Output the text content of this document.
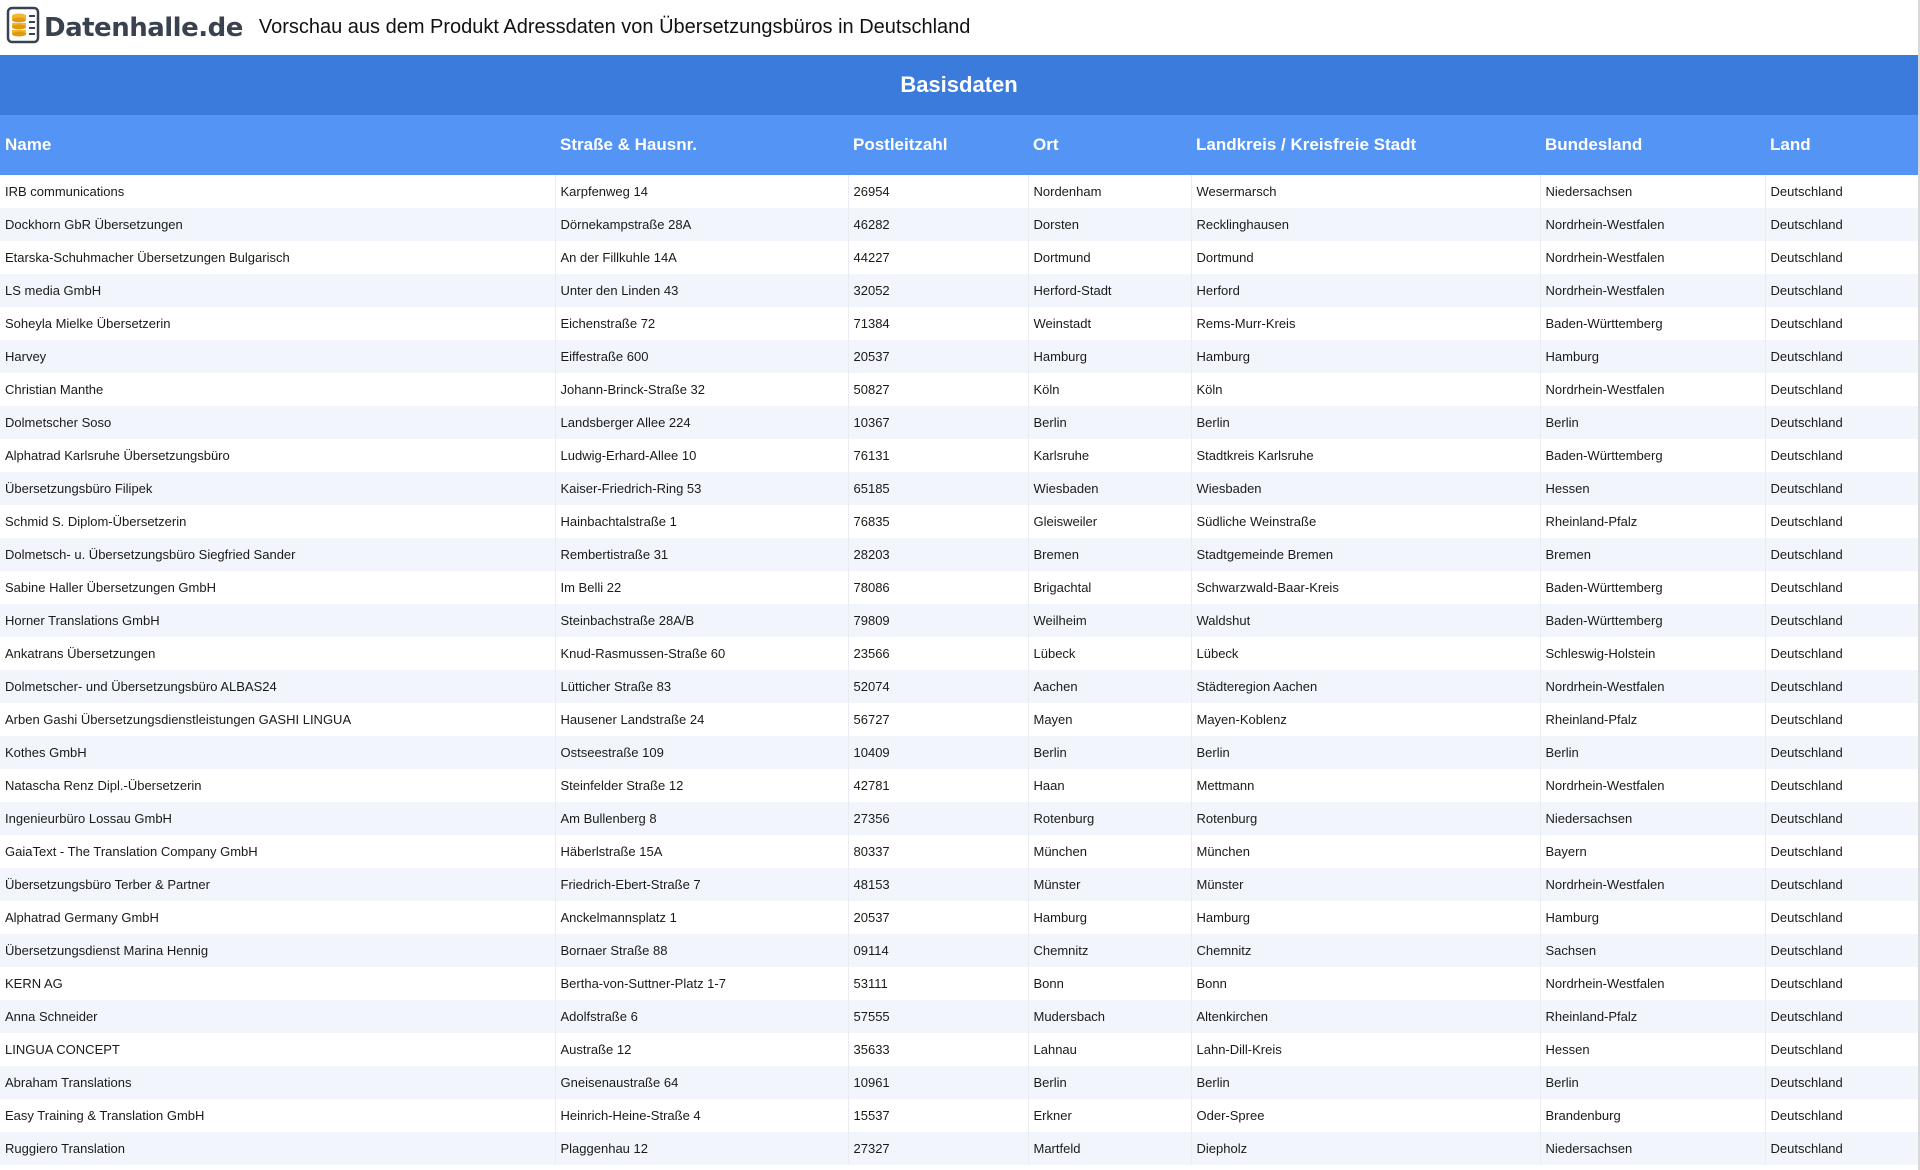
Datenhalle.de Vorschau aus dem Produkt Adressdaten von Übersetzungsbüros in Deutschland
Basisdaten						
Name	Straße & Hausnr.	Postleitzahl	Ort	Landkreis / Kreisfreie Stadt	Bundesland	Land
IRB communications	Karpfenweg 14	26954	Nordenham	Wesermarsch	Niedersachsen	Deutschland
Dockhorn GbR Übersetzungen	Dörnekampstraße 28A	46282	Dorsten	Recklinghausen	Nordrhein-Westfalen	Deutschland
Etarska-Schuhmacher Übersetzungen Bulgarisch	An der Fillkuhle 14A	44227	Dortmund	Dortmund	Nordrhein-Westfalen	Deutschland
LS media GmbH	Unter den Linden 43	32052	Herford-Stadt	Herford	Nordrhein-Westfalen	Deutschland
Soheyla Mielke Übersetzerin	Eichenstraße 72	71384	Weinstadt	Rems-Murr-Kreis	Baden-Württemberg	Deutschland
Harvey	Eiffestraße 600	20537	Hamburg	Hamburg	Hamburg	Deutschland
Christian Manthe	Johann-Brinck-Straße 32	50827	Köln	Köln	Nordrhein-Westfalen	Deutschland
Dolmetscher Soso	Landsberger Allee 224	10367	Berlin	Berlin	Berlin	Deutschland
Alphatrad Karlsruhe Übersetzungsbüro	Ludwig-Erhard-Allee 10	76131	Karlsruhe	Stadtkreis Karlsruhe	Baden-Württemberg	Deutschland
Übersetzungsbüro Filipek	Kaiser-Friedrich-Ring 53	65185	Wiesbaden	Wiesbaden	Hessen	Deutschland
Schmid S. Diplom-Übersetzerin	Hainbachtalstraße 1	76835	Gleisweiler	Südliche Weinstraße	Rheinland-Pfalz	Deutschland
Dolmetsch- u. Übersetzungsbüro Siegfried Sander	Rembertistraße 31	28203	Bremen	Stadtgemeinde Bremen	Bremen	Deutschland
Sabine Haller Übersetzungen GmbH	Im Belli 22	78086	Brigachtal	Schwarzwald-Baar-Kreis	Baden-Württemberg	Deutschland
Horner Translations GmbH	Steinbachstraße 28A/B	79809	Weilheim	Waldshut	Baden-Württemberg	Deutschland
Ankatrans Übersetzungen	Knud-Rasmussen-Straße 60	23566	Lübeck	Lübeck	Schleswig-Holstein	Deutschland
Dolmetscher- und Übersetzungsbüro ALBAS24	Lütticher Straße 83	52074	Aachen	Städteregion Aachen	Nordrhein-Westfalen	Deutschland
Arben Gashi Übersetzungsdienstleistungen GASHI LINGUA	Hausener Landstraße 24	56727	Mayen	Mayen-Koblenz	Rheinland-Pfalz	Deutschland
Kothes GmbH	Ostseestraße 109	10409	Berlin	Berlin	Berlin	Deutschland
Natascha Renz Dipl.-Übersetzerin	Steinfelder Straße 12	42781	Haan	Mettmann	Nordrhein-Westfalen	Deutschland
Ingenieurbüro Lossau GmbH	Am Bullenberg 8	27356	Rotenburg	Rotenburg	Niedersachsen	Deutschland
GaiaText - The Translation Company GmbH	Häberlstraße 15A	80337	München	München	Bayern	Deutschland
Übersetzungsbüro Terber & Partner	Friedrich-Ebert-Straße 7	48153	Münster	Münster	Nordrhein-Westfalen	Deutschland
Alphatrad Germany GmbH	Anckelmannsplatz 1	20537	Hamburg	Hamburg	Hamburg	Deutschland
Übersetzungsdienst Marina Hennig	Bornaer Straße 88	09114	Chemnitz	Chemnitz	Sachsen	Deutschland
KERN AG	Bertha-von-Suttner-Platz 1-7	53111	Bonn	Bonn	Nordrhein-Westfalen	Deutschland
Anna Schneider	Adolfstraße 6	57555	Mudersbach	Altenkirchen	Rheinland-Pfalz	Deutschland
LINGUA CONCEPT	Austraße 12	35633	Lahnau	Lahn-Dill-Kreis	Hessen	Deutschland
Abraham Translations	Gneisenaustraße 64	10961	Berlin	Berlin	Berlin	Deutschland
Easy Training & Translation GmbH	Heinrich-Heine-Straße 4	15537	Erkner	Oder-Spree	Brandenburg	Deutschland
Ruggiero Translation	Plaggenhau 12	27327	Martfeld	Diepholz	Niedersachsen	Deutschland
